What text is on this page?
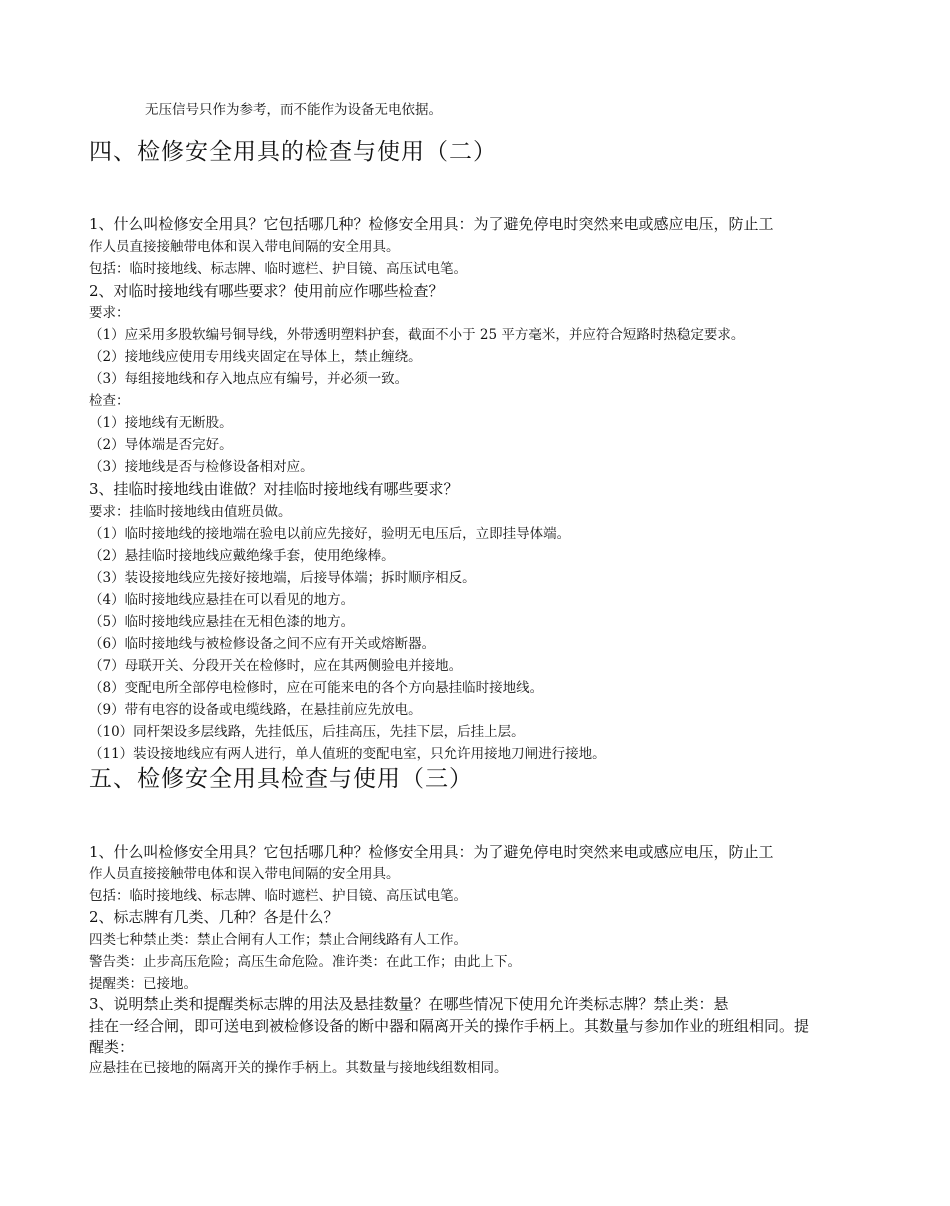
无压信号只作为参考，而不能作为设备无电依据。
四、检修安全用具的检查与使用（二）
1、什么叫检修安全用具？它包括哪几种？检修安全用具：为了避免停电时突然来电或感应电压，防止工
作人员直接接触带电体和误入带电间隔的安全用具。
包括：临时接地线、标志牌、临时遮栏、护目镜、高压试电笔。
2、对临时接地线有哪些要求？使用前应作哪些检查？
要求：
（1）应采用多股软编号铜导线，外带透明塑料护套，截面不小于 25 平方毫米，并应符合短路时热稳定要求。
（2）接地线应使用专用线夹固定在导体上，禁止缠绕。
（3）每组接地线和存入地点应有编号，并必须一致。
检查：
（1）接地线有无断股。
（2）导体端是否完好。
（3）接地线是否与检修设备相对应。
3、挂临时接地线由谁做？对挂临时接地线有哪些要求？
要求：挂临时接地线由值班员做。
（1）临时接地线的接地端在验电以前应先接好，验明无电压后，立即挂导体端。
（2）悬挂临时接地线应戴绝缘手套，使用绝缘棒。
（3）装设接地线应先接好接地端，后接导体端；拆时顺序相反。
（4）临时接地线应悬挂在可以看见的地方。
（5）临时接地线应悬挂在无相色漆的地方。
（6）临时接地线与被检修设备之间不应有开关或熔断器。
（7）母联开关、分段开关在检修时，应在其两侧验电并接地。
（8）变配电所全部停电检修时，应在可能来电的各个方向悬挂临时接地线。
（9）带有电容的设备或电缆线路，在悬挂前应先放电。
（10）同杆架设多层线路，先挂低压，后挂高压，先挂下层，后挂上层。
（11）装设接地线应有两人进行，单人值班的变配电室，只允许用接地刀闸进行接地。
五、检修安全用具检查与使用（三）
1、什么叫检修安全用具？它包括哪几种？检修安全用具：为了避免停电时突然来电或感应电压，防止工
作人员直接接触带电体和误入带电间隔的安全用具。
包括：临时接地线、标志牌、临时遮栏、护目镜、高压试电笔。
2、标志牌有几类、几种？各是什么？
四类七种禁止类：禁止合闸有人工作；禁止合闸线路有人工作。
警告类：止步高压危险；高压生命危险。准许类：在此工作；由此上下。
提醒类：已接地。
3、说明禁止类和提醒类标志牌的用法及悬挂数量？在哪些情况下使用允许类标志牌？禁止类：悬
挂在一经合闸，即可送电到被检修设备的断中器和隔离开关的操作手柄上。其数量与参加作业的班组相同。提
醒类：
应悬挂在已接地的隔离开关的操作手柄上。其数量与接地线组数相同。
